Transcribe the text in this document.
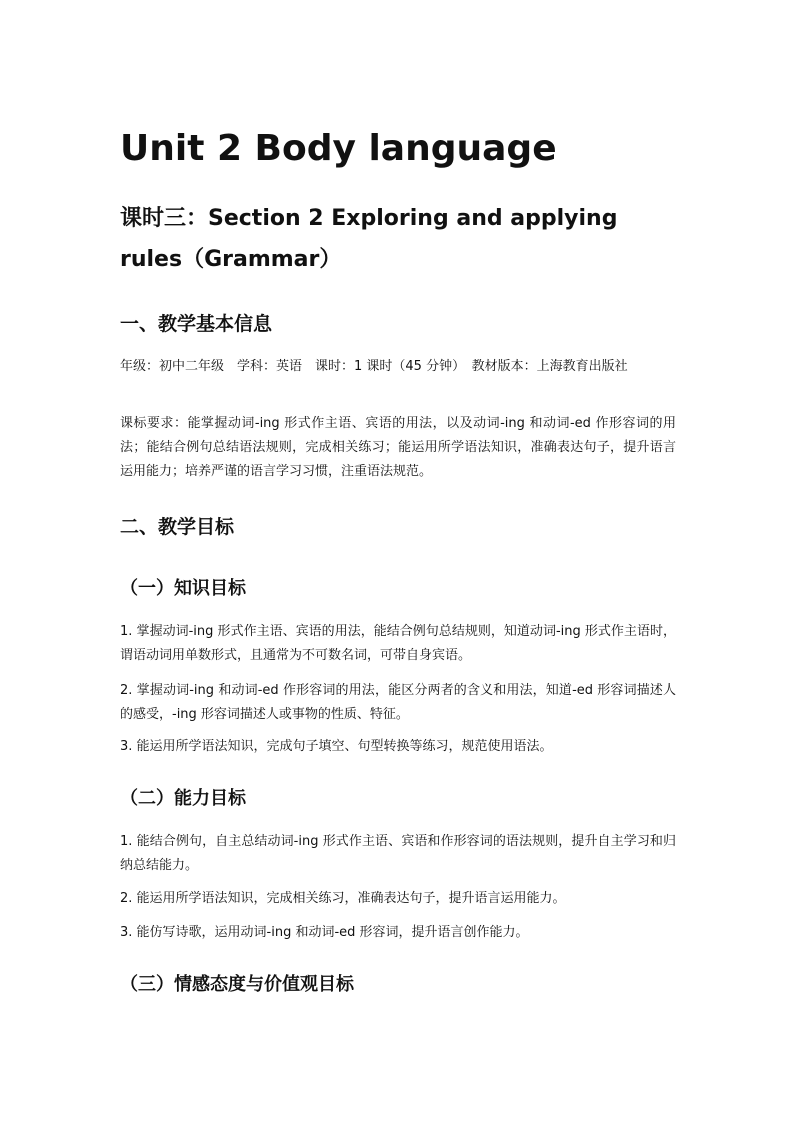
Unit 2 Body language
课时三：Section 2 Exploring and applying rules（Grammar）
一、教学基本信息

年级：初中二年级　学科：英语　课时：1 课时（45 分钟）　教材版本：上海教育出版社

课标要求：能掌握动词-ing 形式作主语、宾语的用法，以及动词-ing 和动词-ed 作形容词的用法；能结合例句总结语法规则，完成相关练习；能运用所学语法知识，准确表达句子，提升语言运用能力；培养严谨的语言学习习惯，注重语法规范。

二、教学目标
（一）知识目标

1. 掌握动词-ing 形式作主语、宾语的用法，能结合例句总结规则，知道动词-ing 形式作主语时，谓语动词用单数形式，且通常为不可数名词，可带自身宾语。

2. 掌握动词-ing 和动词-ed 作形容词的用法，能区分两者的含义和用法，知道-ed 形容词描述人的感受，-ing 形容词描述人或事物的性质、特征。

3. 能运用所学语法知识，完成句子填空、句型转换等练习，规范使用语法。

（二）能力目标

1. 能结合例句，自主总结动词-ing 形式作主语、宾语和作形容词的语法规则，提升自主学习和归纳总结能力。

2. 能运用所学语法知识，完成相关练习，准确表达句子，提升语言运用能力。

3. 能仿写诗歌，运用动词-ing 和动词-ed 形容词，提升语言创作能力。

（三）情感态度与价值观目标
